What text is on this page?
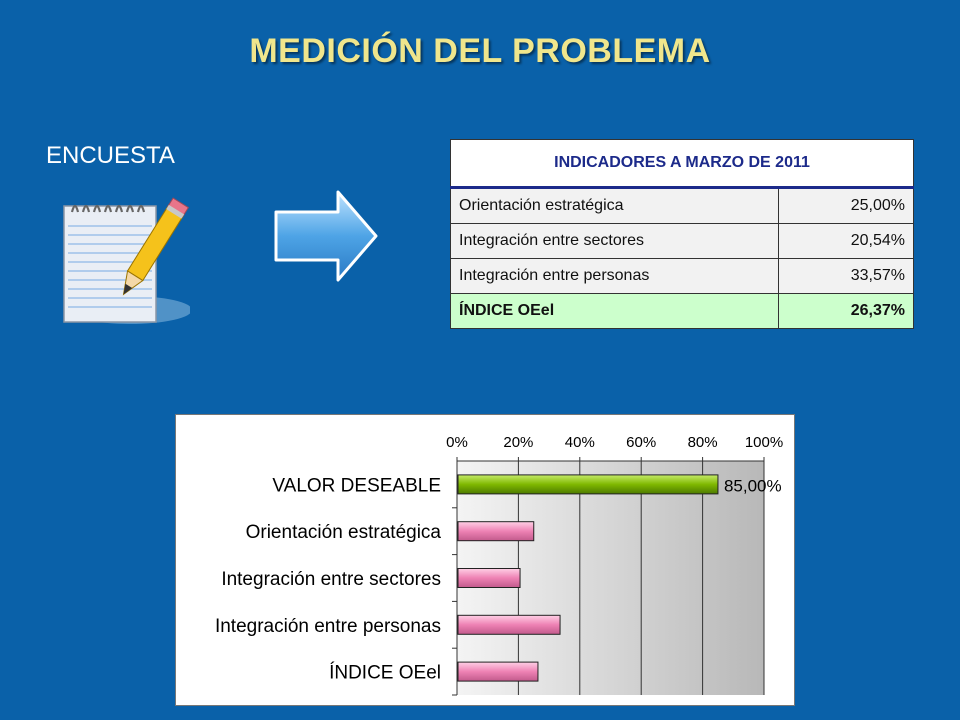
MEDICIÓN DEL PROBLEMA
ENCUESTA	INDICADORES A MARZO DE 2011	
Orientación estratégica	25,00%
Integración entre sectores	20,54%
Integración entre personas	33,57%
ÍNDICE OEel	26,37%
0% 20% 40% 60% 80% 100%
VALOR DESEABLE	85,00%
Orientación estratégica
Integración entre sectores
Integración entre personas
ÍNDICE OEel
